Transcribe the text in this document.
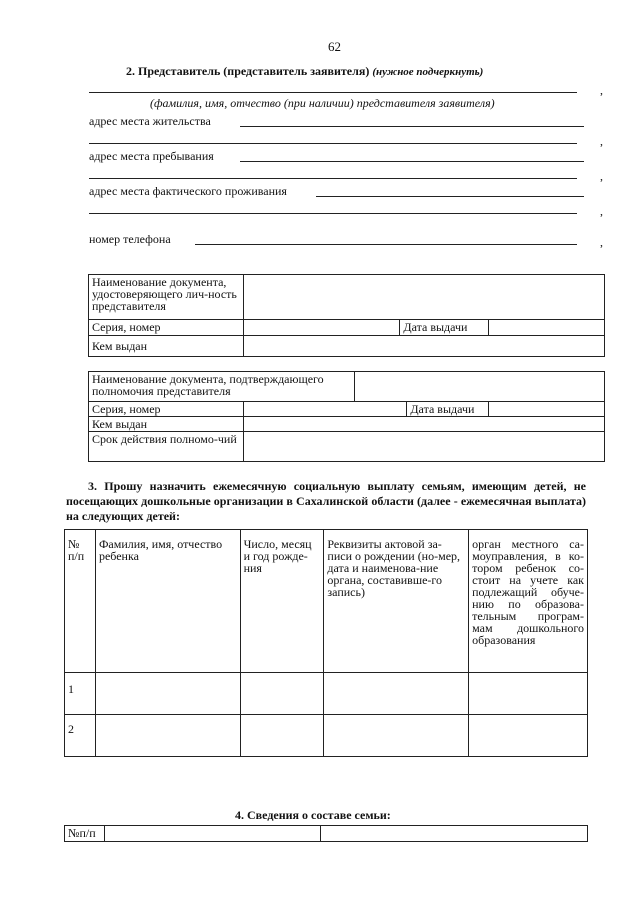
62
2. Представитель (представитель заявителя) (нужное подчеркнуть)
,
(фамилия, имя, отчество (при наличии) представителя заявителя)
адрес места жительства
,
адрес места пребывания
,
адрес места фактического проживания
,
номер телефона	,
Наименование документа, удостоверяющего лич-ность представителя			
Серия, номер		Дата выдачи	
Кем выдан			
Наименование документа, подтверждающего полномочия представителя				
Серия, номер			Дата выдачи	
Кем выдан				
Срок действия полномо-чий				
3. Прошу назначить ежемесячную социальную выплату семьям, имеющим детей, не посещающих дошкольные организации в Сахалинской области (далее - ежемесячная выплата) на следующих детей:
№ п/п	Фамилия, имя, отчество ребенка	Число, месяц и год рожде-ния	Реквизиты актовой за-писи о рождении (но-мер, дата и наименова-ние органа, составивше-го запись)	орган местного са-моуправления, в ко-тором ребенок со-стоит на учете как подлежащий обуче-нию по образова-тельным програм-мам дошкольного образования
1				
2				
4. Сведения о составе семьи:
№п/п		
